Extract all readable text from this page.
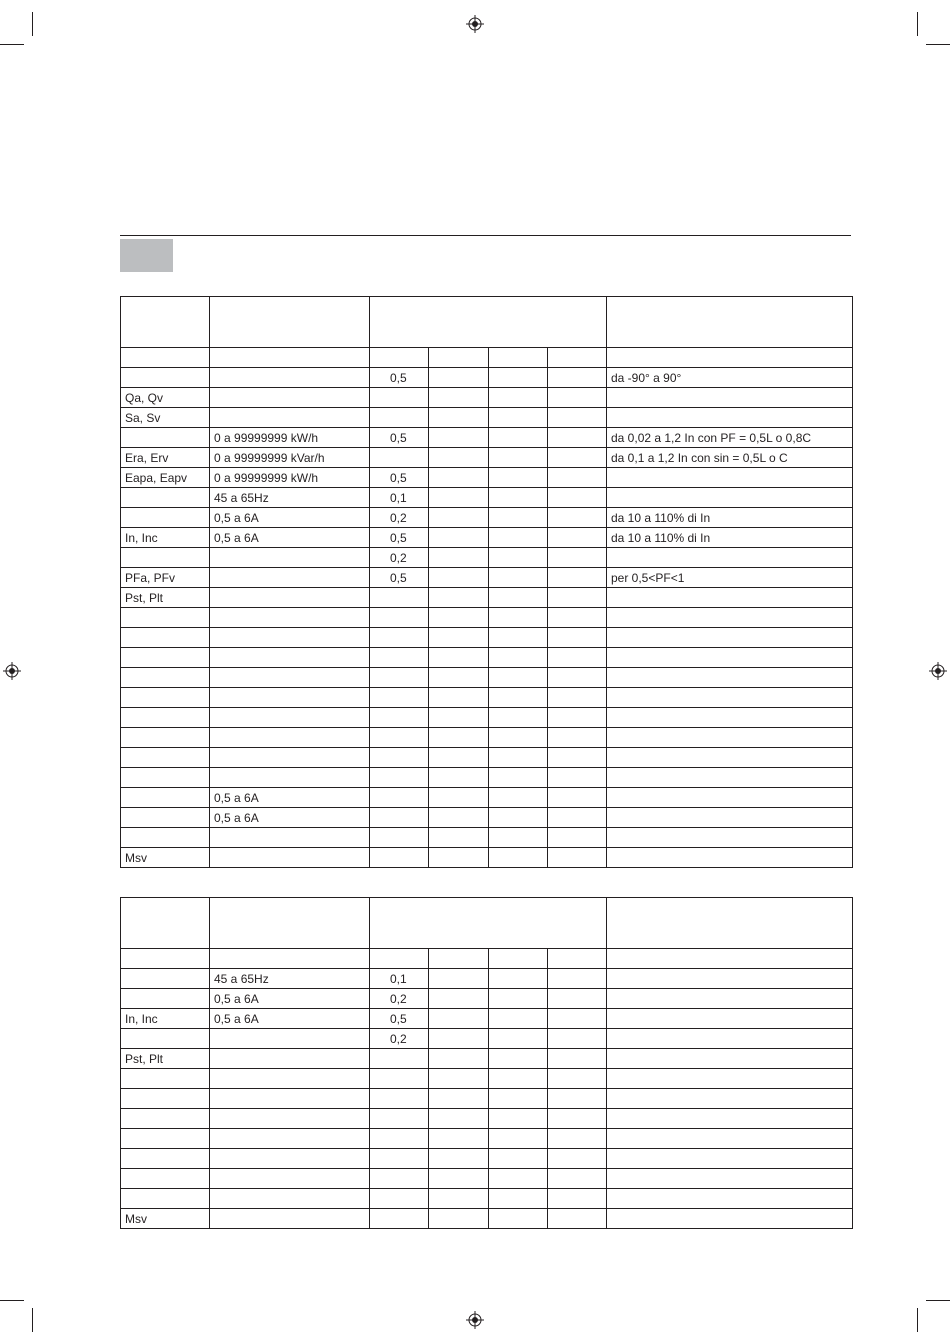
		0,5				da -90° a 90°
Qa, Qv						
Sa, Sv						
	0 a 99999999 kW/h	0,5				da 0,02 a 1,2 In con PF = 0,5L o 0,8C
Era, Erv	0 a 99999999 kVar/h					da 0,1 a 1,2 In con sin = 0,5L o C
Eapa, Eapv	0 a 99999999 kW/h	0,5				
	45 a 65Hz	0,1				
	0,5 a 6A	0,2				da 10 a 110% di In
In, Inc	0,5 a 6A	0,5				da 10 a 110% di In
		0,2				
PFa, PFv		0,5				per 0,5<PF<1
Pst, Plt						

	0,5 a 6A					
	0,5 a 6A					

Msv						

	45 a 65Hz	0,1				
	0,5 a 6A	0,2				
In, Inc	0,5 a 6A	0,5				
		0,2				
Pst, Plt						

Msv						
